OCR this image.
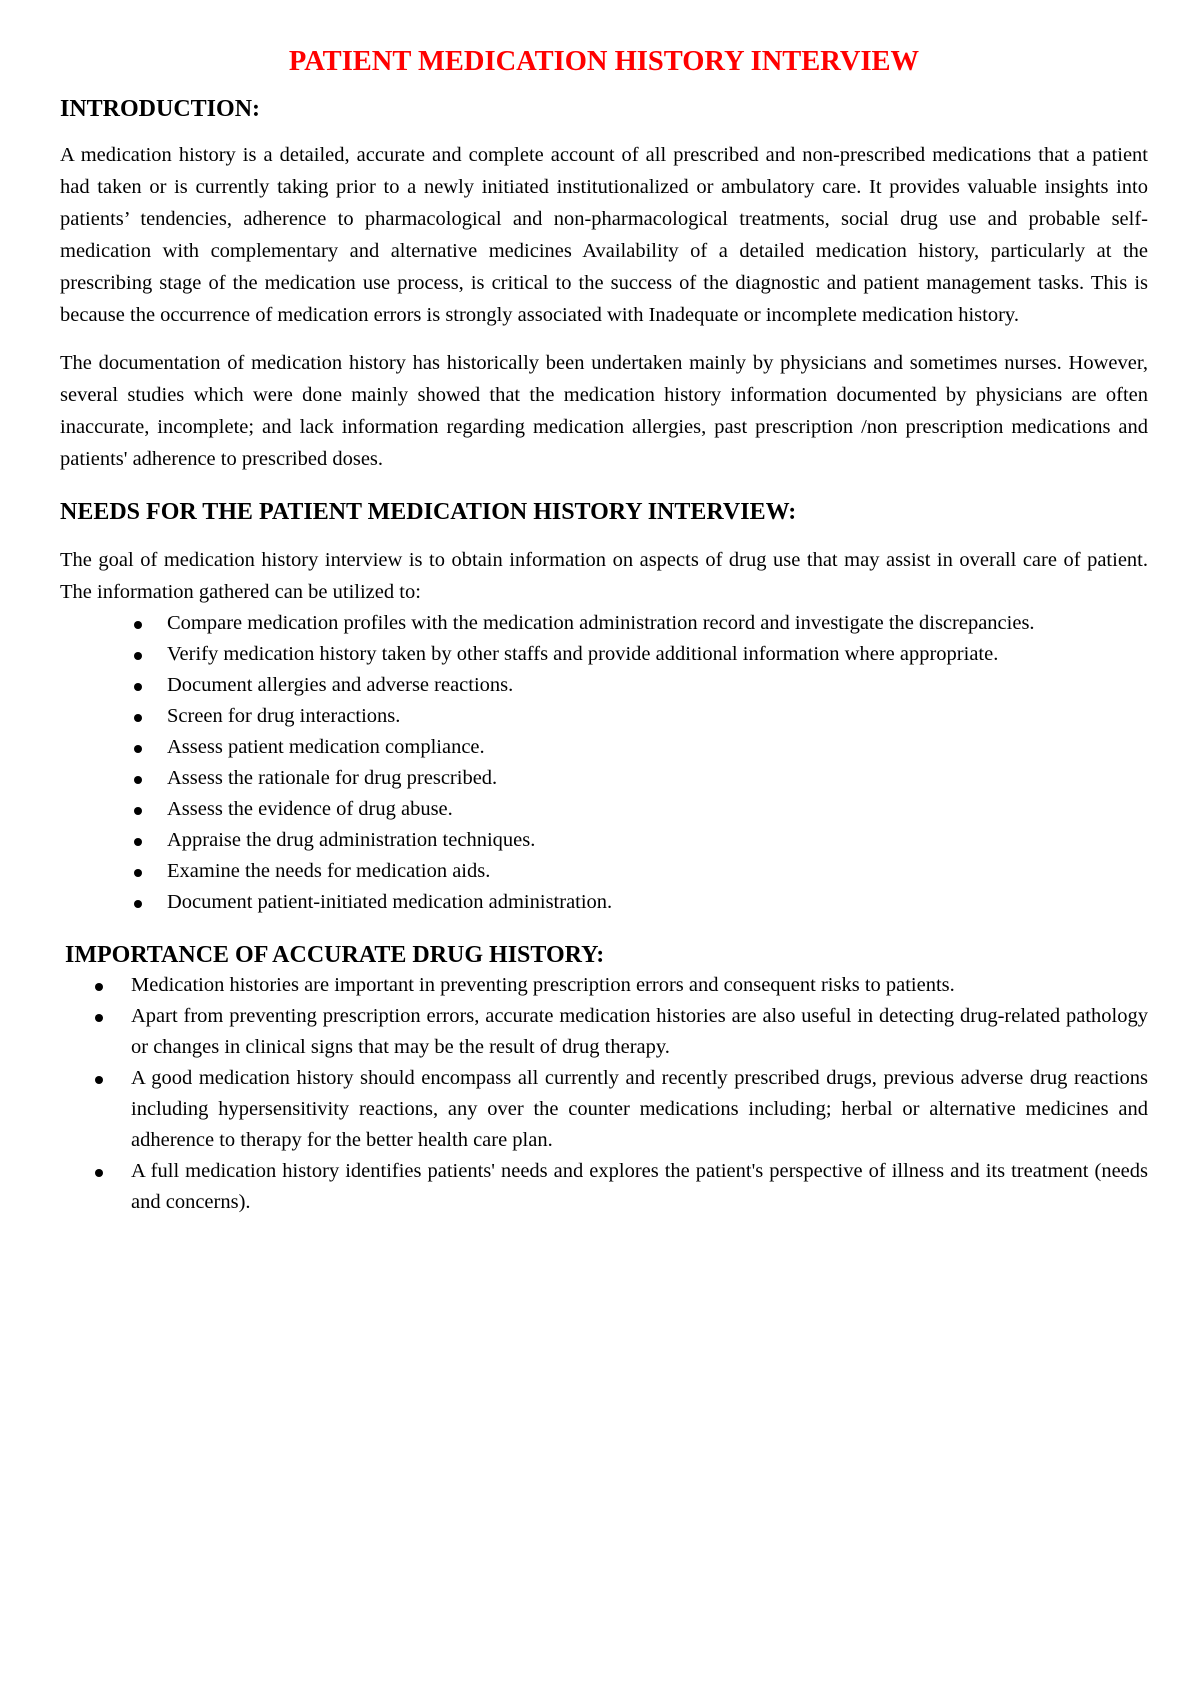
PATIENT MEDICATION HISTORY INTERVIEW
INTRODUCTION:

A medication history is a detailed, accurate and complete account of all prescribed and non-prescribed medications that a patient had taken or is currently taking prior to a newly initiated institutionalized or ambulatory care. It provides valuable insights into patients’ tendencies, adherence to pharmacological and non-pharmacological treatments, social drug use and probable self-medication with complementary and alternative medicines Availability of a detailed medication history, particularly at the prescribing stage of the medication use process, is critical to the success of the diagnostic and patient management tasks. This is because the occurrence of medication errors is strongly associated with Inadequate or incomplete medication history.

The documentation of medication history has historically been undertaken mainly by physicians and sometimes nurses. However, several studies which were done mainly showed that the medication history information documented by physicians are often inaccurate, incomplete; and lack information regarding medication allergies, past prescription /non prescription medications and patients' adherence to prescribed doses.

NEEDS FOR THE PATIENT MEDICATION HISTORY INTERVIEW:

The goal of medication history interview is to obtain information on aspects of drug use that may assist in overall care of patient. The information gathered can be utilized to:

Compare medication profiles with the medication administration record and investigate the discrepancies.
Verify medication history taken by other staffs and provide additional information where appropriate.
Document allergies and adverse reactions.
Screen for drug interactions.
Assess patient medication compliance.
Assess the rationale for drug prescribed.
Assess the evidence of drug abuse.
Appraise the drug administration techniques.
Examine the needs for medication aids.
Document patient-initiated medication administration.
IMPORTANCE OF ACCURATE DRUG HISTORY:
Medication histories are important in preventing prescription errors and consequent risks to patients.
Apart from preventing prescription errors, accurate medication histories are also useful in detecting drug-related pathology or changes in clinical signs that may be the result of drug therapy.
A good medication history should encompass all currently and recently prescribed drugs, previous adverse drug reactions including hypersensitivity reactions, any over the counter medications including; herbal or alternative medicines and adherence to therapy for the better health care plan.
A full medication history identifies patients' needs and explores the patient's perspective of illness and its treatment (needs and concerns).
